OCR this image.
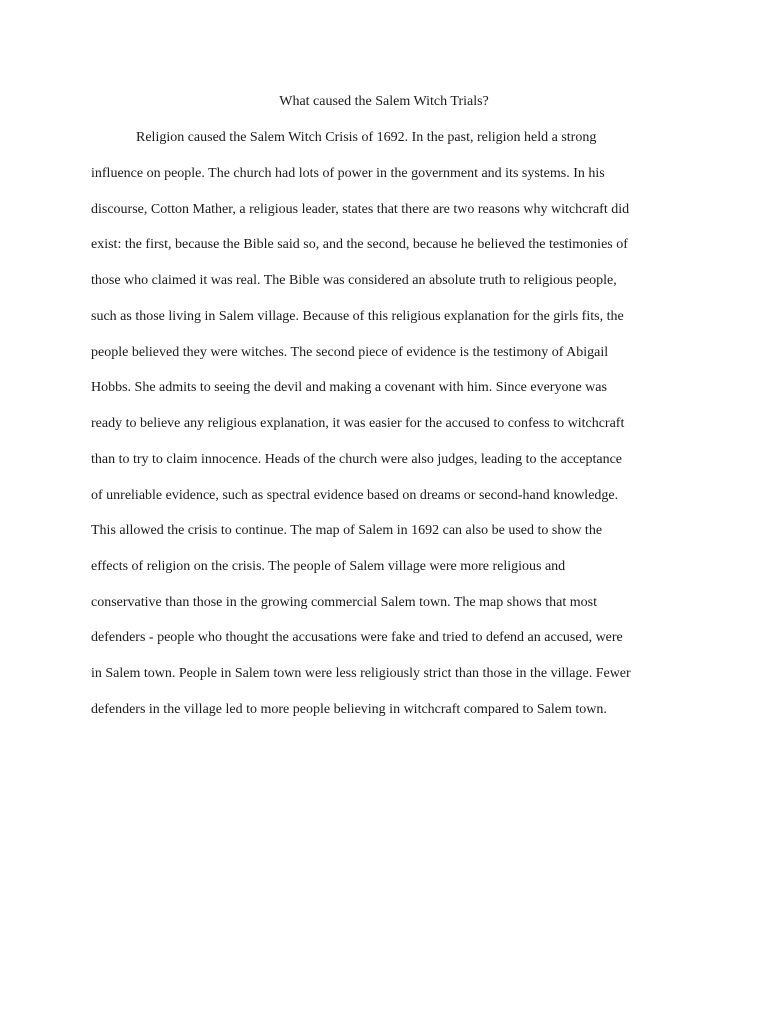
What caused the Salem Witch Trials?
Religion caused the Salem Witch Crisis of 1692. In the past, religion held a strong
influence on people. The church had lots of power in the government and its systems. In his
discourse, Cotton Mather, a religious leader, states that there are two reasons why witchcraft did
exist: the first, because the Bible said so, and the second, because he believed the testimonies of
those who claimed it was real. The Bible was considered an absolute truth to religious people,
such as those living in Salem village. Because of this religious explanation for the girls fits, the
people believed they were witches. The second piece of evidence is the testimony of Abigail
Hobbs. She admits to seeing the devil and making a covenant with him. Since everyone was
ready to believe any religious explanation, it was easier for the accused to confess to witchcraft
than to try to claim innocence. Heads of the church were also judges, leading to the acceptance
of unreliable evidence, such as spectral evidence based on dreams or second-hand knowledge.
This allowed the crisis to continue. The map of Salem in 1692 can also be used to show the
effects of religion on the crisis. The people of Salem village were more religious and
conservative than those in the growing commercial Salem town. The map shows that most
defenders - people who thought the accusations were fake and tried to defend an accused, were
in Salem town. People in Salem town were less religiously strict than those in the village. Fewer
defenders in the village led to more people believing in witchcraft compared to Salem town.
